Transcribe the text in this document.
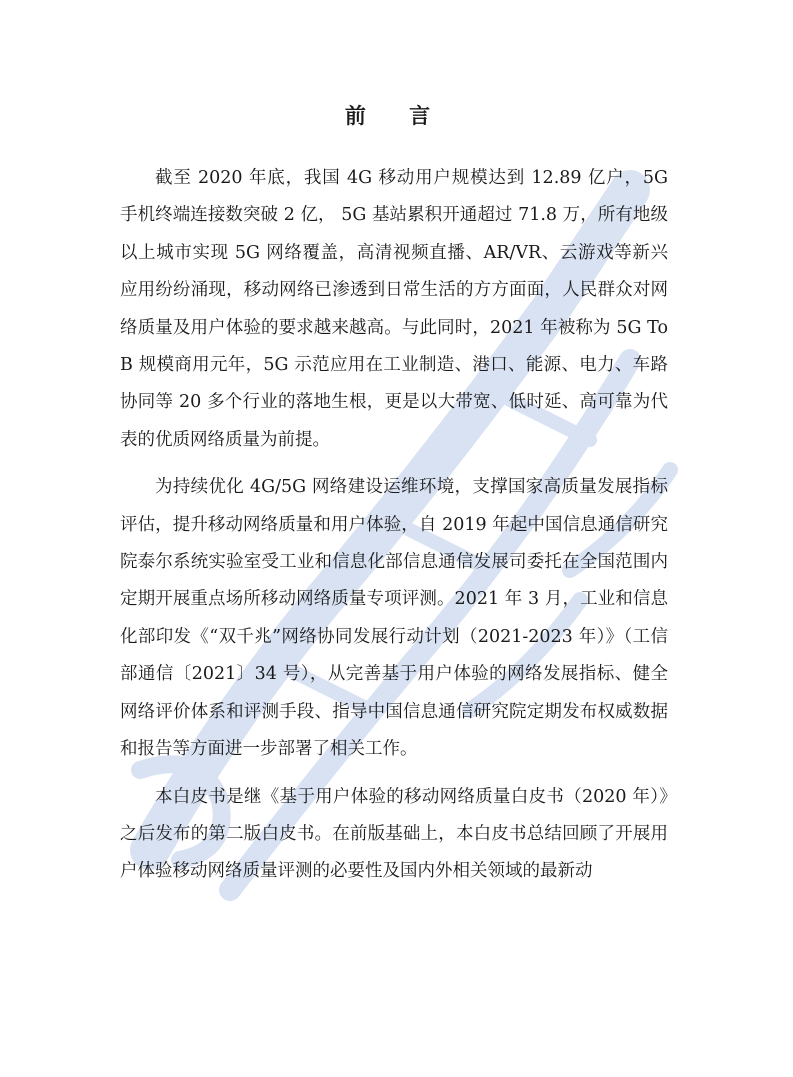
前 言

截至 2020 年底，我国 4G 移动用户规模达到 12.89 亿户，5G 手机终端连接数突破 2 亿， 5G 基站累积开通超过 71.8 万，所有地级以上城市实现 5G 网络覆盖，高清视频直播、AR/VR、云游戏等新兴应用纷纷涌现，移动网络已渗透到日常生活的方方面面，人民群众对网络质量及用户体验的要求越来越高。与此同时，2021 年被称为 5G ToB 规模商用元年，5G 示范应用在工业制造、港口、能源、电力、车路协同等 20 多个行业的落地生根，更是以大带宽、低时延、高可靠为代表的优质网络质量为前提。

为持续优化 4G/5G 网络建设运维环境，支撑国家高质量发展指标评估，提升移动网络质量和用户体验，自 2019 年起中国信息通信研究院泰尔系统实验室受工业和信息化部信息通信发展司委托在全国范围内定期开展重点场所移动网络质量专项评测。2021 年 3 月，工业和信息化部印发《“双千兆”网络协同发展行动计划（2021-2023 年）》（工信部通信〔2021〕34 号），从完善基于用户体验的网络发展指标、健全网络评价体系和评测手段、指导中国信息通信研究院定期发布权威数据和报告等方面进一步部署了相关工作。

本白皮书是继《基于用户体验的移动网络质量白皮书（2020 年）》之后发布的第二版白皮书。在前版基础上，本白皮书总结回顾了开展用户体验移动网络质量评测的必要性及国内外相关领域的最新动
